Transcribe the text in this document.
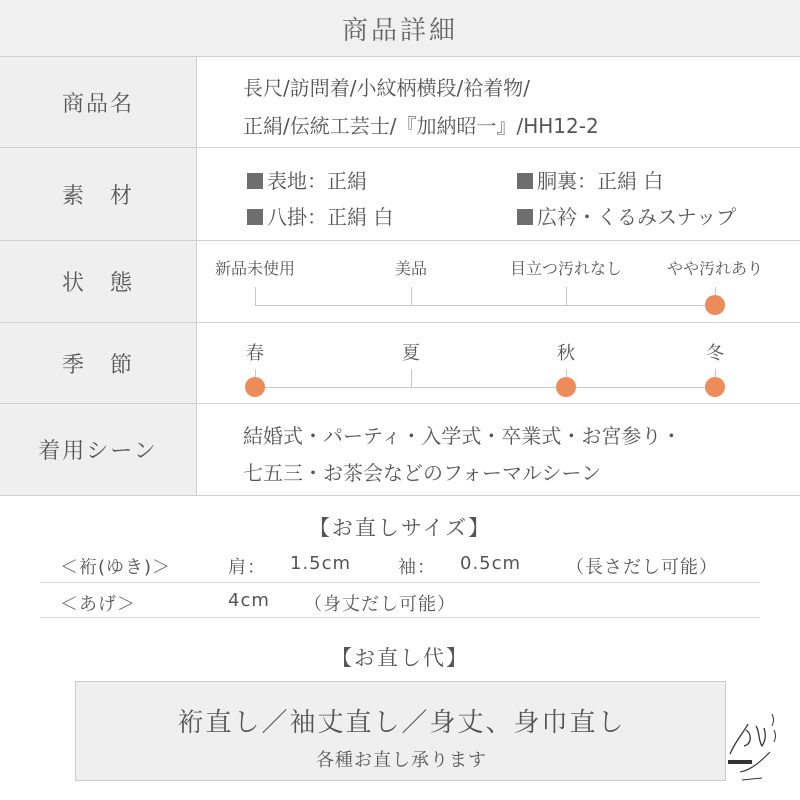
商品詳細
商品名
長尺/訪問着/小紋柄横段/袷着物/
正絹/伝統工芸士/『加納昭一』/HH12-2
素　材
表地：正絹	胴裏：正絹 白
八掛：正絹 白	広衿・くるみスナップ
状　態
新品未使用	美品	目立つ汚れなし	やや汚れあり
季　節	春	夏	秋	冬
着用シーン
結婚式・パーティ・入学式・卒業式・お宮参り・
七五三・お茶会などのフォーマルシーン
【お直しサイズ】
＜裄(ゆき)＞	肩： 1.5cm	袖： 0.5cm （長さだし可能）
＜あげ＞	4cm （身丈だし可能）
【お直し代】
裄直し／袖丈直し／身丈、身巾直し
各種お直し承ります
